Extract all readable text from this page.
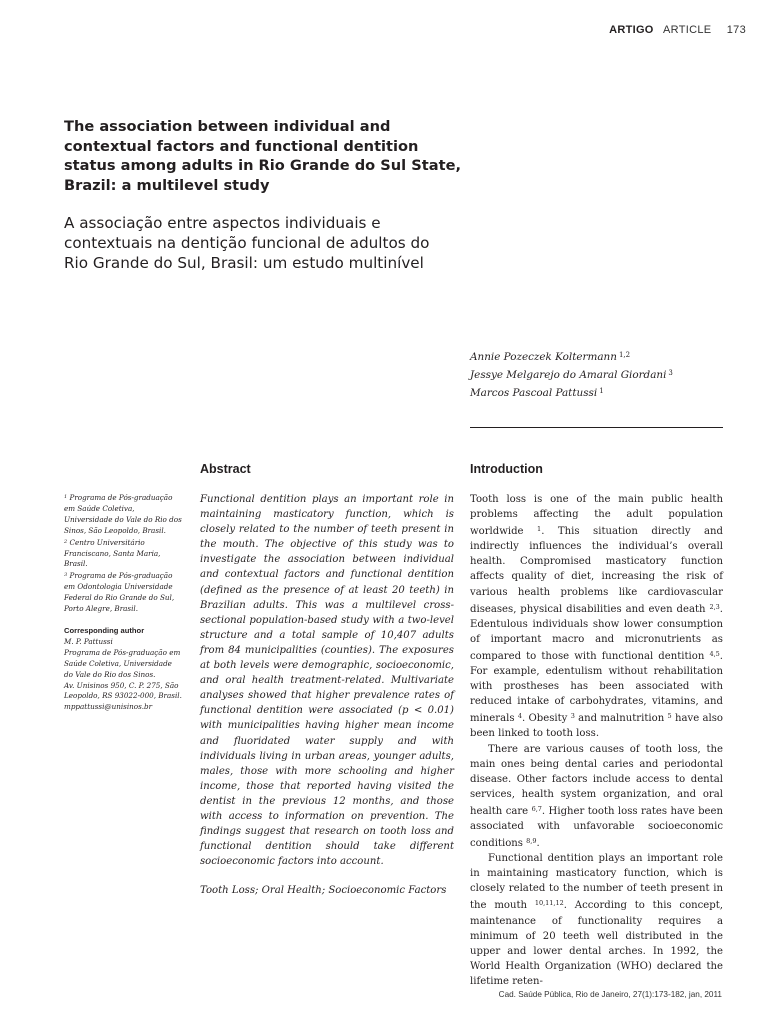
ARTIGO ARTICLE 173
The association between individual and contextual factors and functional dentition status among adults in Rio Grande do Sul State, Brazil: a multilevel study
A associação entre aspectos individuais e contextuais na dentição funcional de adultos do Rio Grande do Sul, Brasil: um estudo multinível
Annie Pozeczek Koltermann $^{1,2}$
Jessye Melgarejo do Amaral Giordani $^3$
Marcos Pascoal Pattussi $^1$
Abstract	Introduction

$^1$ Programa de Pós-graduação em Saúde Coletiva, Universidade do Vale do Rio dos Sinos, São Leopoldo, Brasil.

$^2$ Centro Universitário Franciscano, Santa Maria, Brasil.

$^3$ Programa de Pós-graduação em Odontologia Universidade Federal do Rio Grande do Sul, Porto Alegre, Brasil.

Corresponding author

M. P. Pattussi

Programa de Pós-graduação em Saúde Coletiva, Universidade do Vale do Rio dos Sinos.

Av. Unisinos 950, C. P. 275, São Leopoldo, RS 93022-000, Brasil.

mppattussi@unisinos.br

Functional dentition plays an important role in maintaining masticatory function, which is closely related to the number of teeth present in the mouth. The objective of this study was to investigate the association between individual and contextual factors and functional dentition (defined as the presence of at least 20 teeth) in Brazilian adults. This was a multilevel cross-sectional population-based study with a two-level structure and a total sample of 10,407 adults from 84 municipalities (counties). The exposures at both levels were demographic, socioeconomic, and oral health treatment-related. Multivariate analyses showed that higher prevalence rates of functional dentition were associated (p < 0.01) with municipalities having higher mean income and fluoridated water supply and with individuals living in urban areas, younger adults, males, those with more schooling and higher income, those that reported having visited the dentist in the previous 12 months, and those with access to information on prevention. The findings suggest that research on tooth loss and functional dentition should take different socioeconomic factors into account.

Tooth Loss; Oral Health; Socioeconomic Factors

Tooth loss is one of the main public health problems affecting the adult population worldwide $^1$. This situation directly and indirectly influences the individual’s overall health. Compromised masticatory function affects quality of diet, increasing the risk of various health problems like cardiovascular diseases, physical disabilities and even death $^{2,3}$. Edentulous individuals show lower consumption of important macro and micronutrients as compared to those with functional dentition $^{4,5}$. For example, edentulism without rehabilitation with prostheses has been associated with reduced intake of carbohydrates, vitamins, and minerals $^4$. Obesity $^3$ and malnutrition $^5$ have also been linked to tooth loss.

There are various causes of tooth loss, the main ones being dental caries and periodontal disease. Other factors include access to dental services, health system organization, and oral health care $^{6,7}$. Higher tooth loss rates have been associated with unfavorable socioeconomic conditions $^{8,9}$.

Functional dentition plays an important role in maintaining masticatory function, which is closely related to the number of teeth present in the mouth $^{10,11,12}$. According to this concept, maintenance of functionality requires a minimum of 20 teeth well distributed in the upper and lower dental arches. In 1992, the World Health Organization (WHO) declared the lifetime reten-

Cad. Saúde Pública, Rio de Janeiro, 27(1):173-182, jan, 2011
